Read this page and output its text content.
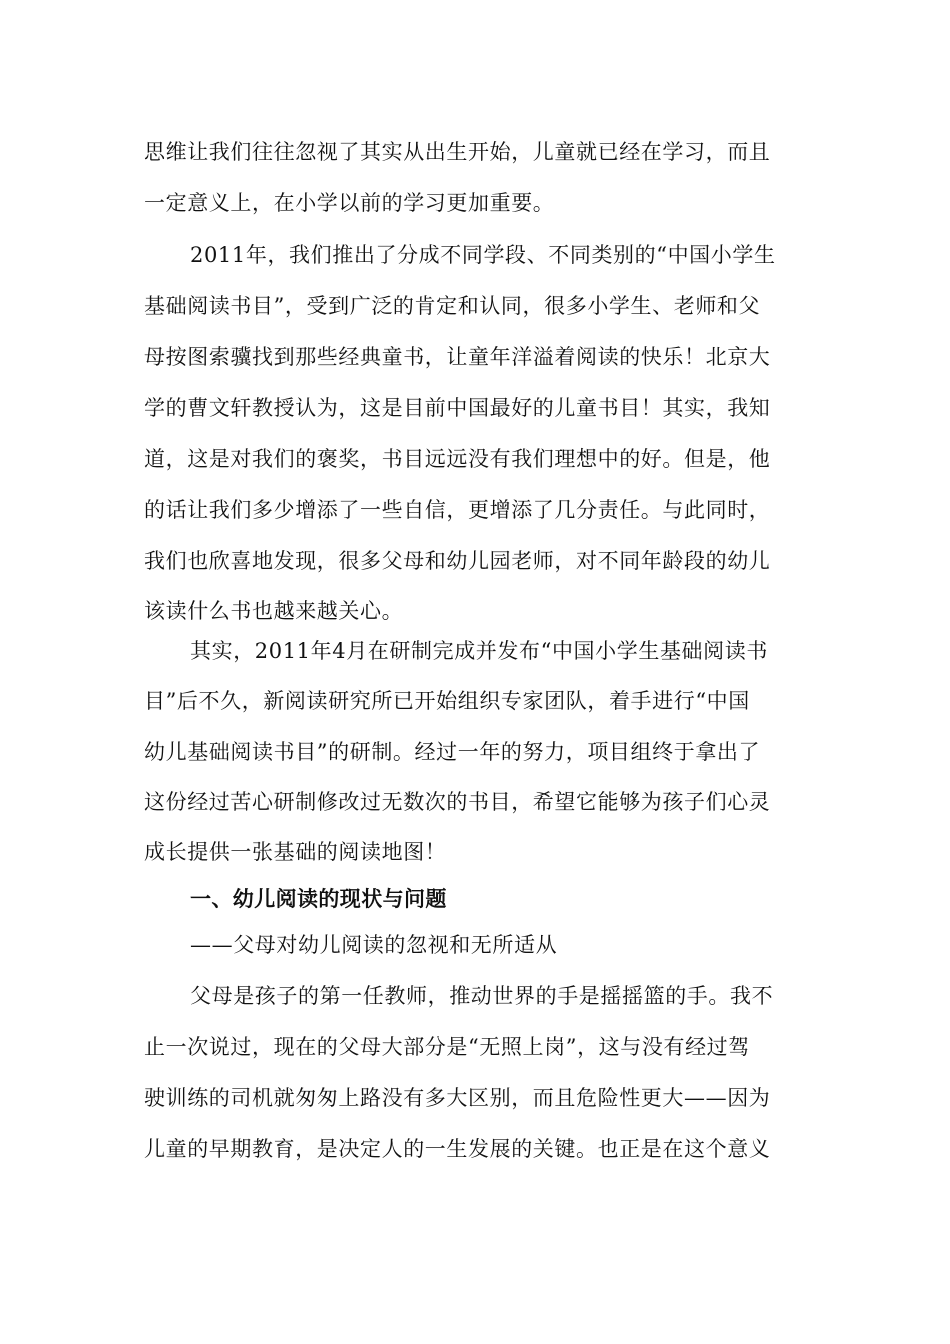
思维让我们往往忽视了其实从出生开始，儿童就已经在学习，而且
一定意义上，在小学以前的学习更加重要。
2011年，我们推出了分成不同学段、不同类别的“中国小学生
基础阅读书目”，受到广泛的肯定和认同，很多小学生、老师和父
母按图索骥找到那些经典童书，让童年洋溢着阅读的快乐！北京大
学的曹文轩教授认为，这是目前中国最好的儿童书目！其实，我知
道，这是对我们的褒奖，书目远远没有我们理想中的好。但是，他
的话让我们多少增添了一些自信，更增添了几分责任。与此同时，
我们也欣喜地发现，很多父母和幼儿园老师，对不同年龄段的幼儿
该读什么书也越来越关心。
其实，2011年4月在研制完成并发布“中国小学生基础阅读书
目”后不久，新阅读研究所已开始组织专家团队，着手进行“中国
幼儿基础阅读书目”的研制。经过一年的努力，项目组终于拿出了
这份经过苦心研制修改过无数次的书目，希望它能够为孩子们心灵
成长提供一张基础的阅读地图！
一、幼儿阅读的现状与问题
——父母对幼儿阅读的忽视和无所适从
父母是孩子的第一任教师，推动世界的手是摇摇篮的手。我不
止一次说过，现在的父母大部分是“无照上岗”，这与没有经过驾
驶训练的司机就匆匆上路没有多大区别，而且危险性更大——因为
儿童的早期教育，是决定人的一生发展的关键。也正是在这个意义
